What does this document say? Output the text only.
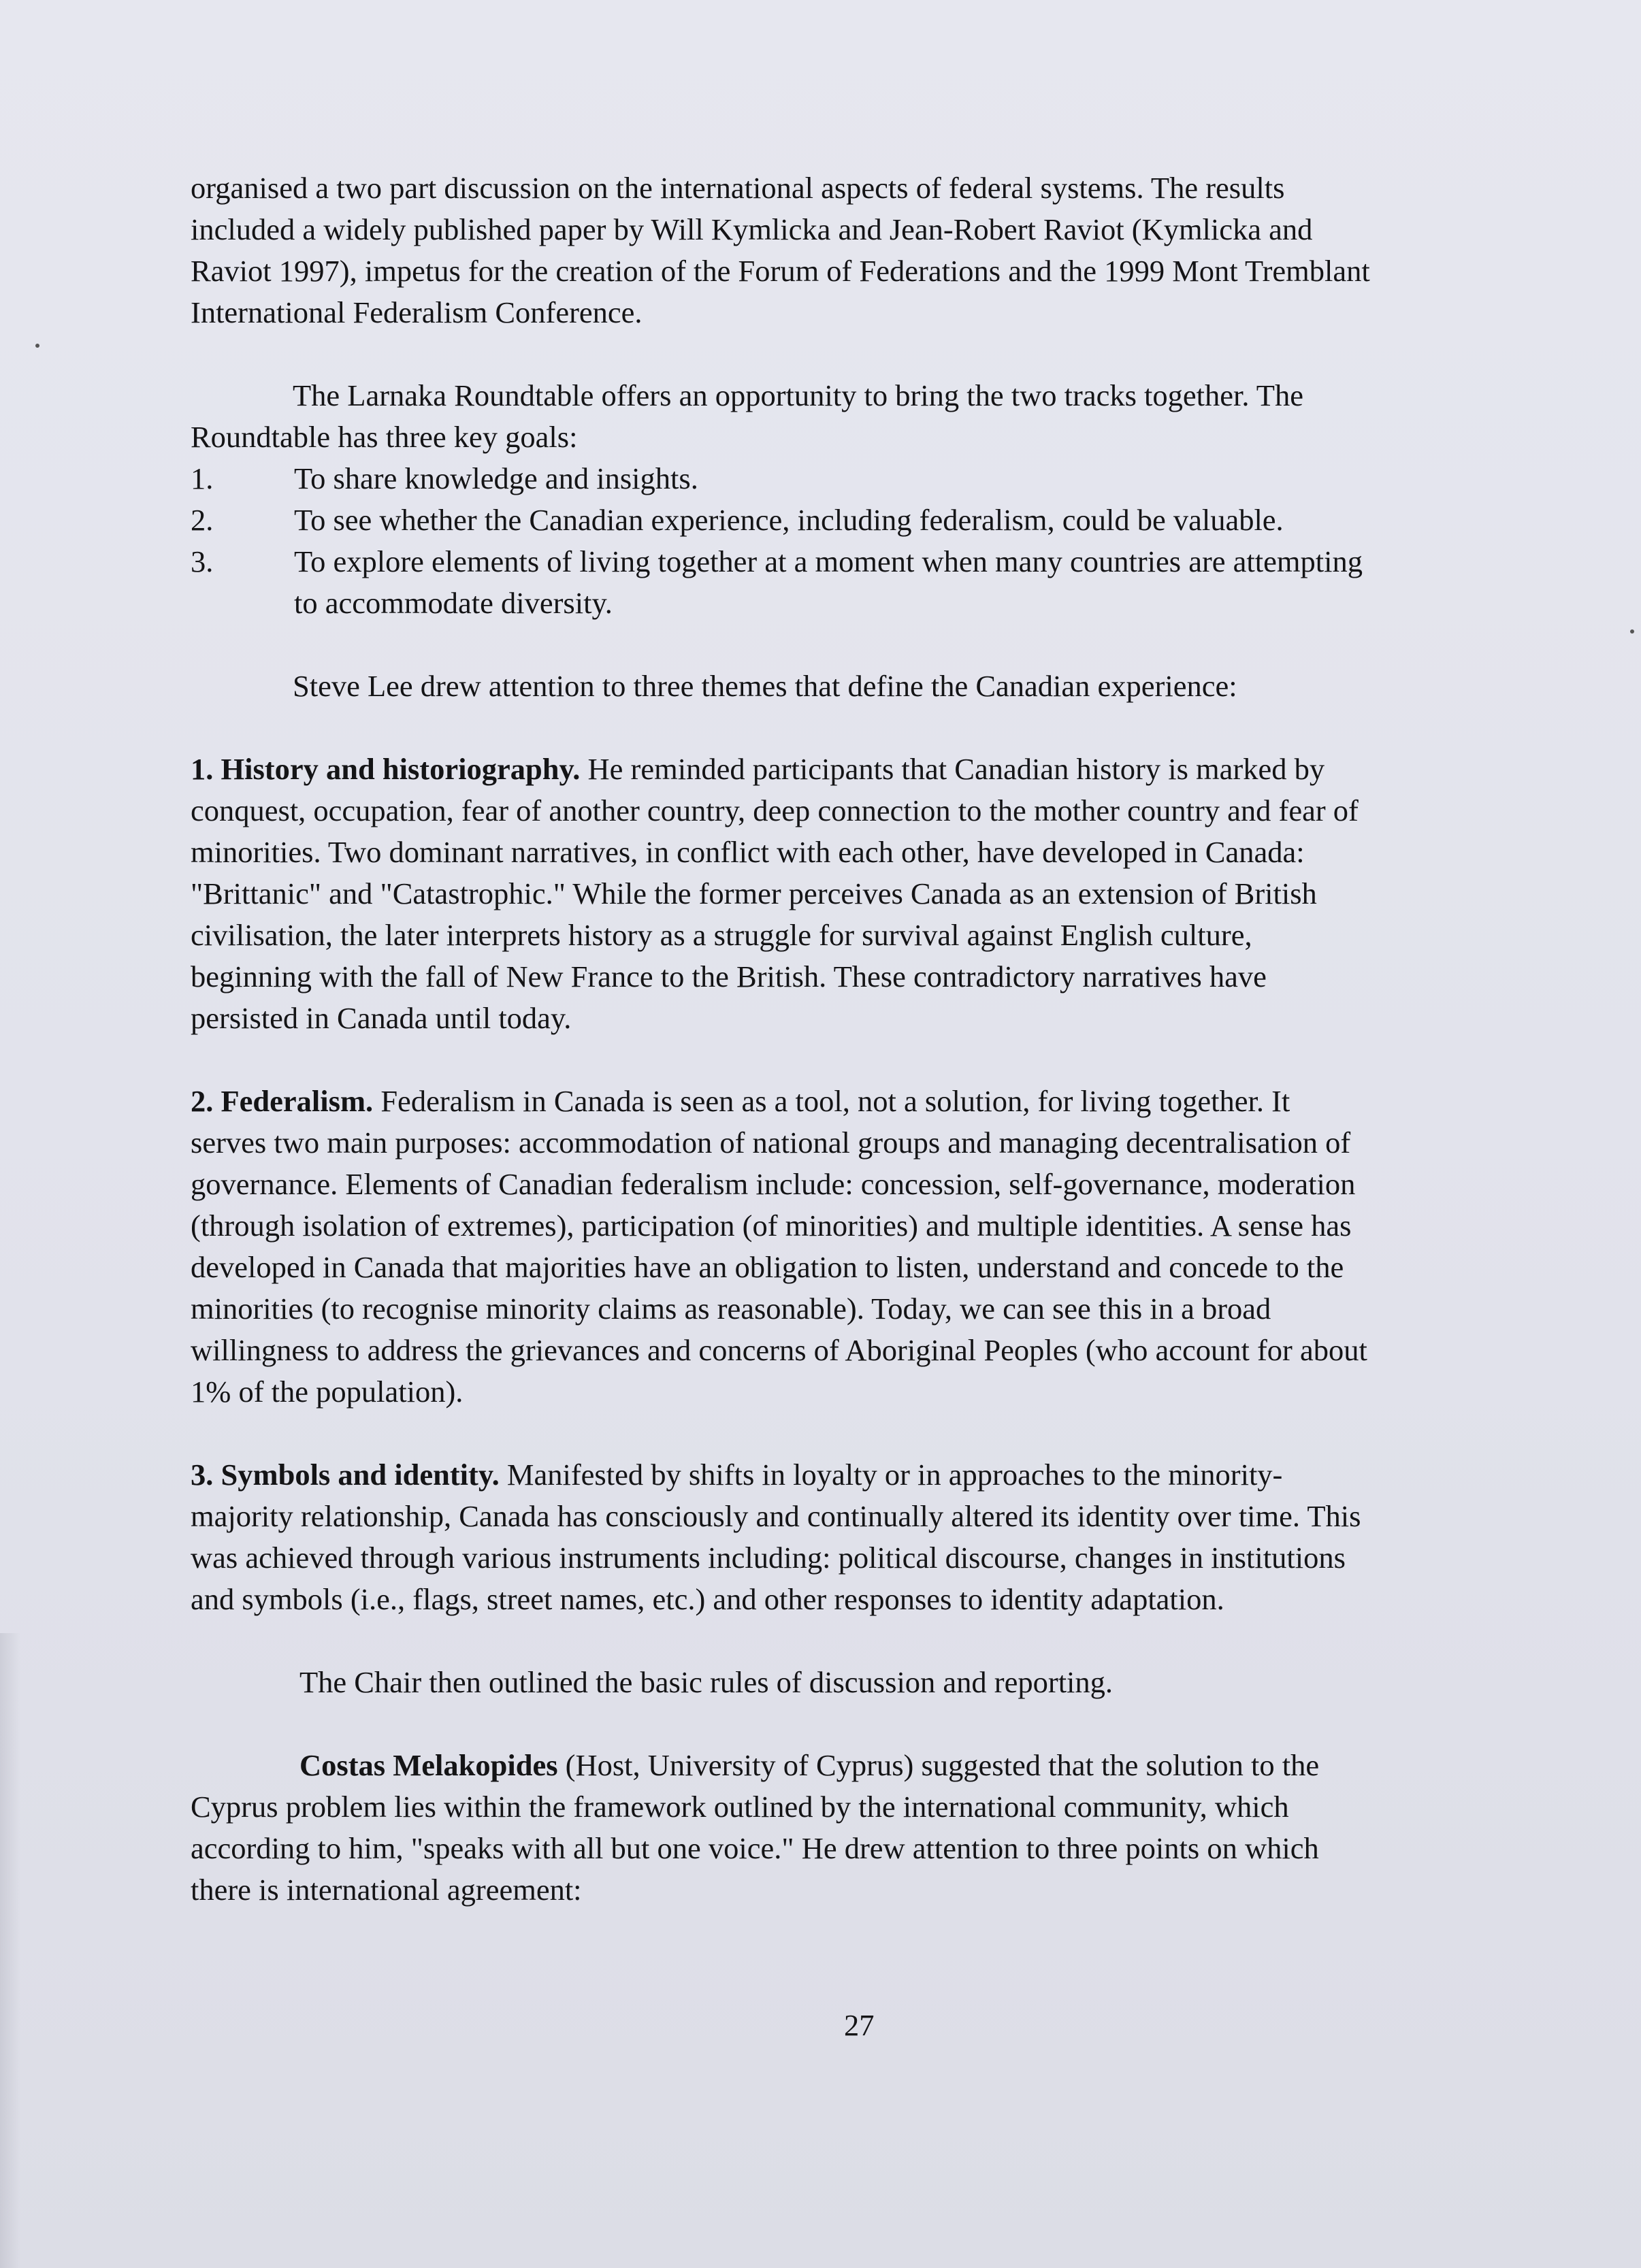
organised a two part discussion on the international aspects of federal systems. The results
included a widely published paper by Will Kymlicka and Jean-Robert Raviot (Kymlicka and
Raviot 1997), impetus for the creation of the Forum of Federations and the 1999 Mont Tremblant
International Federalism Conference.
The Larnaka Roundtable offers an opportunity to bring the two tracks together. The
Roundtable has three key goals:
1.	To share knowledge and insights.
2.	To see whether the Canadian experience, including federalism, could be valuable.
3.	To explore elements of living together at a moment when many countries are attempting
to accommodate diversity.
Steve Lee drew attention to three themes that define the Canadian experience:
1. History and historiography. He reminded participants that Canadian history is marked by
conquest, occupation, fear of another country, deep connection to the mother country and fear of
minorities. Two dominant narratives, in conflict with each other, have developed in Canada:
"Brittanic" and "Catastrophic." While the former perceives Canada as an extension of British
civilisation, the later interprets history as a struggle for survival against English culture,
beginning with the fall of New France to the British. These contradictory narratives have
persisted in Canada until today.
2. Federalism. Federalism in Canada is seen as a tool, not a solution, for living together. It
serves two main purposes: accommodation of national groups and managing decentralisation of
governance. Elements of Canadian federalism include: concession, self-governance, moderation
(through isolation of extremes), participation (of minorities) and multiple identities. A sense has
developed in Canada that majorities have an obligation to listen, understand and concede to the
minorities (to recognise minority claims as reasonable). Today, we can see this in a broad
willingness to address the grievances and concerns of Aboriginal Peoples (who account for about
1% of the population).
3. Symbols and identity. Manifested by shifts in loyalty or in approaches to the minority-
majority relationship, Canada has consciously and continually altered its identity over time. This
was achieved through various instruments including: political discourse, changes in institutions
and symbols (i.e., flags, street names, etc.) and other responses to identity adaptation.
The Chair then outlined the basic rules of discussion and reporting.
Costas Melakopides (Host, University of Cyprus) suggested that the solution to the
Cyprus problem lies within the framework outlined by the international community, which
according to him, "speaks with all but one voice." He drew attention to three points on which
there is international agreement:
27
